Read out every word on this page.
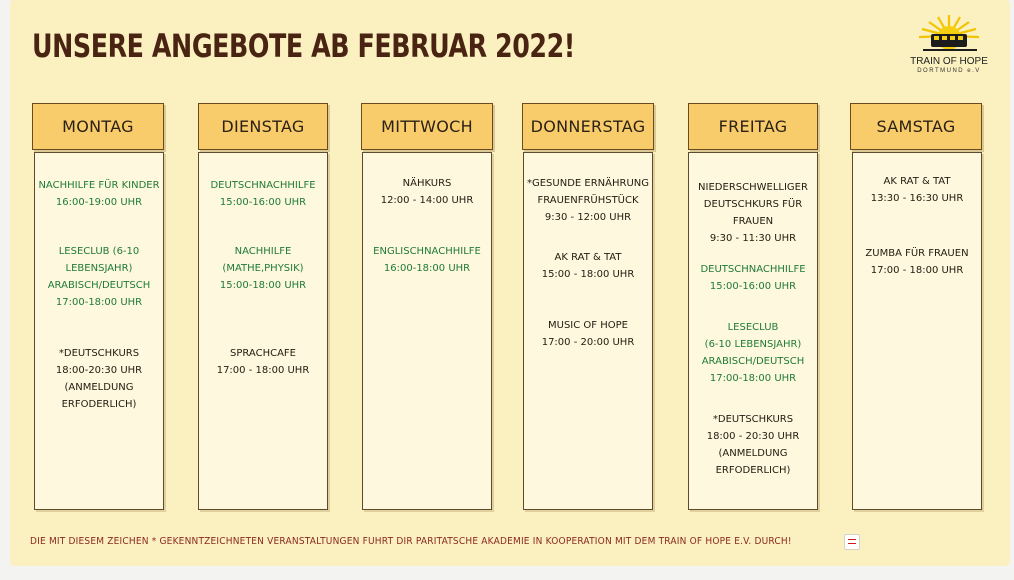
UNSERE ANGEBOTE AB FEBRUAR 2022!	TRAIN OF HOPE
DORTMUND e.V
MONTAG
NACHHILFE FÜR KINDER
16:00-19:00 UHR
LESECLUB (6-10
LEBENSJAHR)
ARABISCH/DEUTSCH
17:00-18:00 UHR
*DEUTSCHKURS
18:00-20:30 UHR
(ANMELDUNG
ERFODERLICH)
DIENSTAG
DEUTSCHNACHHILFE
15:00-16:00 UHR
NACHHILFE
(MATHE,PHYSIK)
15:00-18:00 UHR
SPRACHCAFE
17:00 - 18:00 UHR
MITTWOCH
NÄHKURS
12:00 - 14:00 UHR
ENGLISCHNACHHILFE
16:00-18:00 UHR
DONNERSTAG
*GESUNDE ERNÄHRUNG
FRAUENFRÜHSTÜCK
9:30 - 12:00 UHR
AK RAT & TAT
15:00 - 18:00 UHR
MUSIC OF HOPE
17:00 - 20:00 UHR
FREITAG
NIEDERSCHWELLIGER
DEUTSCHKURS FÜR
FRAUEN
9:30 - 11:30 UHR
DEUTSCHNACHHILFE
15:00-16:00 UHR
LESECLUB
(6-10 LEBENSJAHR)
ARABISCH/DEUTSCH
17:00-18:00 UHR
*DEUTSCHKURS
18:00 - 20:30 UHR
(ANMELDUNG
ERFODERLICH)
SAMSTAG
AK RAT & TAT
13:30 - 16:30 UHR
ZUMBA FÜR FRAUEN
17:00 - 18:00 UHR
DIE MIT DIESEM ZEICHEN * GEKENNTZEICHNETEN VERANSTALTUNGEN FÜHRT DIR PARITÄTSCHE AKADEMIE IN KOOPERATION MIT DEM TRAIN OF HOPE E.V. DURCH!
